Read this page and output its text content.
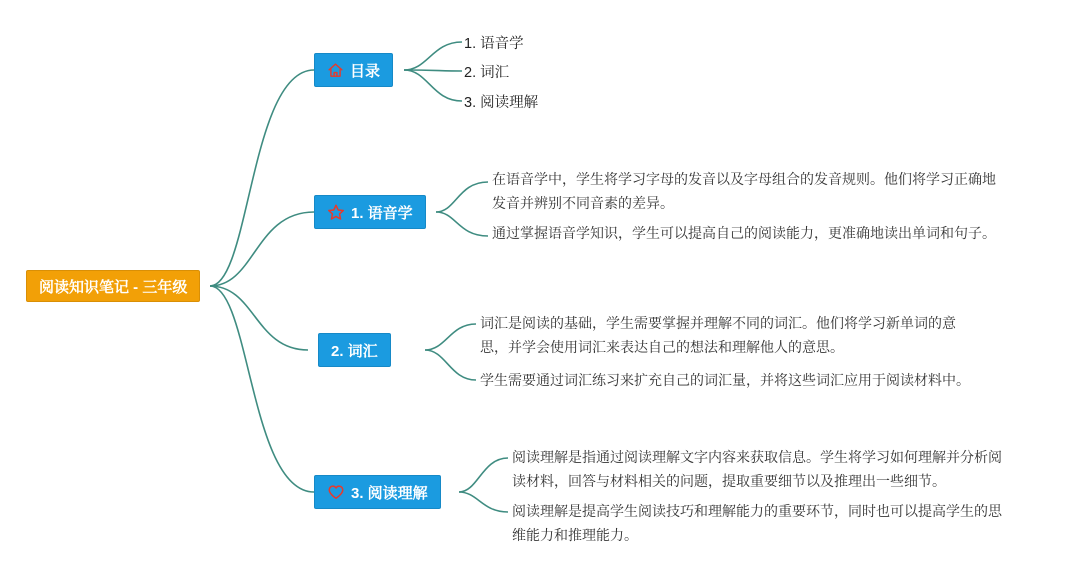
阅读知识笔记 - 三年级
目录
1. 语音学
2. 词汇
3. 阅读理解
1. 语音学
在语音学中，学生将学习字母的发音以及字母组合的发音规则。他们将学习正确地发音并辨别不同音素的差异。
通过掌握语音学知识，学生可以提高自己的阅读能力，更准确地读出单词和句子。
2. 词汇
词汇是阅读的基础，学生需要掌握并理解不同的词汇。他们将学习新单词的意思，并学会使用词汇来表达自己的想法和理解他人的意思。
学生需要通过词汇练习来扩充自己的词汇量，并将这些词汇应用于阅读材料中。
3. 阅读理解
阅读理解是指通过阅读理解文字内容来获取信息。学生将学习如何理解并分析阅读材料，回答与材料相关的问题，提取重要细节以及推理出一些细节。
阅读理解是提高学生阅读技巧和理解能力的重要环节，同时也可以提高学生的思维能力和推理能力。
